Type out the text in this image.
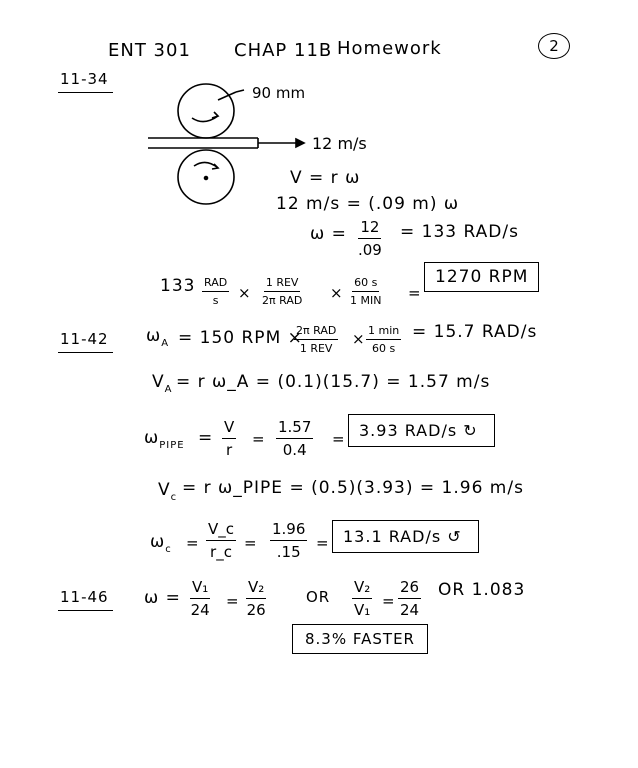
ENT 301 CHAP 11B Homework	2
11-34
90 mm
12 m/s
V = r ω
12 m/s = (.09 m) ω
$\omega = \frac{12}{.09} = 133$ RAD/s
133 RAD
s ×
1 REV
2π RAD ×
60 s
1 MIN =
1270 RPM
11-42 $\omega_A = 150$ RPM ×
2π RAD
1 REV
× 1 min
60 s
= 15.7 RAD/s
$V_A = r$ ω_A = (0.1)(15.7) = 1.57 m/s
$\omega_{PIPE} = \frac{V}{r} = \frac{1.57}{0.4} = 3.93$ RAD/s ↻
$V_c = r$ ω_PIPE = (0.5)(3.93) = 1.96 m/s
$\omega_c = \frac{V\_c}{r\_c} = \frac{1.96}{.15} = 13.1$ RAD/s ↺
11-46 $\omega = \frac{\text{V₁}}{24} = \frac{\text{V₂}}{26}$	OR $\frac{\text{V₂}}{\text{V₁}} = \frac{26}{24}$ OR 1.083
8.3% FASTER
